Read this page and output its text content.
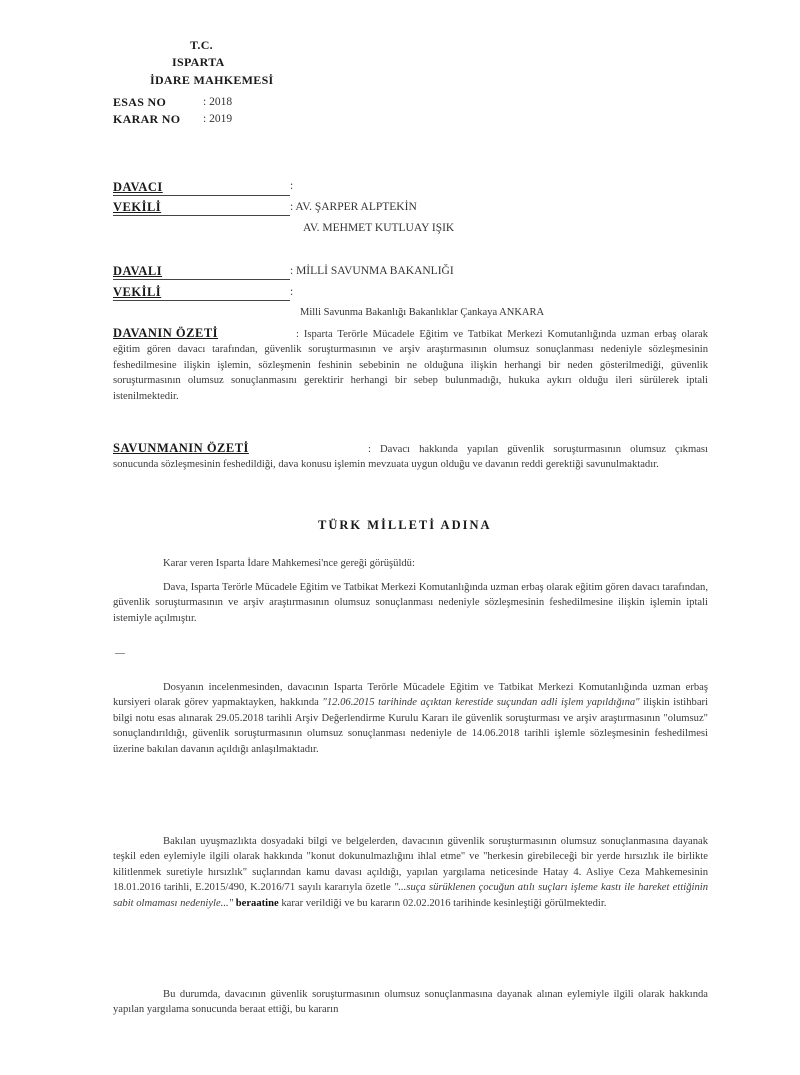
T.C.
ISPARTA
İDARE MAHKEMESİ
ESAS NO	: 2018
KARAR NO : 2019
DAVACI	:
VEKİLİ	: AV. ŞARPER ALPTEKİN
AV. MEHMET KUTLUAY IŞIK
DAVALI	: MİLLİ SAVUNMA BAKANLIĞI
VEKİLİ	:
Milli Savunma Bakanlığı Bakanlıklar Çankaya ANKARA
DAVANIN ÖZETİ	: Isparta Terörle Mücadele Eğitim ve Tatbikat Merkezi Komutanlığında uzman erbaş olarak eğitim gören davacı tarafından, güvenlik soruşturmasının ve arşiv araştırmasının olumsuz sonuçlanması nedeniyle sözleşmesinin feshedilmesine ilişkin işlemin, sözleşmenin feshinin sebebinin ne olduğuna ilişkin herhangi bir neden gösterilmediği, güvenlik soruşturmasının olumsuz sonuçlanmasını gerektirir herhangi bir sebep bulunmadığı, hukuka aykırı olduğu ileri sürülerek iptali istenilmektedir.
SAVUNMANIN ÖZETİ	: Davacı hakkında yapılan güvenlik soruşturmasının olumsuz çıkması sonucunda sözleşmesinin feshedildiği, dava konusu işlemin mevzuata uygun olduğu ve davanın reddi gerektiği savunulmaktadır.
TÜRK MİLLETİ ADINA
Karar veren Isparta İdare Mahkemesi'nce gereği görüşüldü:
Dava, Isparta Terörle Mücadele Eğitim ve Tatbikat Merkezi Komutanlığında uzman erbaş olarak eğitim gören davacı tarafından, güvenlik soruşturmasının ve arşiv araştırmasının olumsuz sonuçlanması nedeniyle sözleşmesinin feshedilmesine ilişkin işlemin iptali istemiyle açılmıştır.
—
Dosyanın incelenmesinden, davacının Isparta Terörle Mücadele Eğitim ve Tatbikat Merkezi Komutanlığında uzman erbaş kursiyeri olarak görev yapmaktayken, hakkında "12.06.2015 tarihinde açıktan kerestide suçundan adli işlem yapıldığına" ilişkin istihbari bilgi notu esas alınarak 29.05.2018 tarihli Arşiv Değerlendirme Kurulu Kararı ile güvenlik soruşturması ve arşiv araştırmasının "olumsuz" sonuçlandırıldığı, güvenlik soruşturmasının olumsuz sonuçlanması nedeniyle de 14.06.2018 tarihli işlemle sözleşmesinin feshedilmesi üzerine bakılan davanın açıldığı anlaşılmaktadır.
Bakılan uyuşmazlıkta dosyadaki bilgi ve belgelerden, davacının güvenlik soruşturmasının olumsuz sonuçlanmasına dayanak teşkil eden eylemiyle ilgili olarak hakkında "konut dokunulmazlığını ihlal etme" ve "herkesin girebileceği bir yerde hırsızlık ile birlikte kilitlenmek suretiyle hırsızlık" suçlarından kamu davası açıldığı, yapılan yargılama neticesinde Hatay 4. Asliye Ceza Mahkemesinin 18.01.2016 tarihli, E.2015/490, K.2016/71 sayılı kararıyla özetle "...suça sürüklenen çocuğun atılı suçları işleme kastı ile hareket ettiğinin sabit olmaması nedeniyle..." beraatine karar verildiği ve bu kararın 02.02.2016 tarihinde kesinleştiği görülmektedir.
Bu durumda, davacının güvenlik soruşturmasının olumsuz sonuçlanmasına dayanak alınan eylemiyle ilgili olarak hakkında yapılan yargılama sonucunda beraat ettiği, bu kararın
